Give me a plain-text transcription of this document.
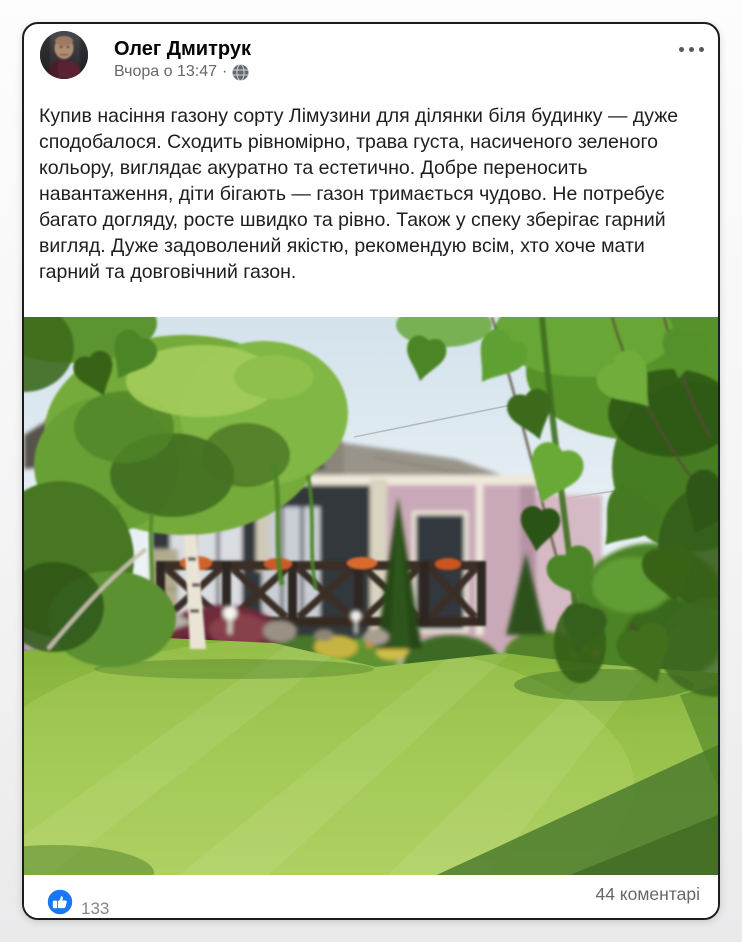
Олег Дмитрук
Вчора о 13:47 ·
Купив насіння газону сорту Лімузини для ділянки біля будинку — дуже сподобалося. Сходить рівномірно, трава густа, насиченого зеленого кольору, виглядає акуратно та естетично. Добре переносить навантаження, діти бігають — газон тримається чудово. Не потребує багато догляду, росте швидко та рівно. Також у спеку зберігає гарний вигляд. Дуже задоволений якістю, рекомендую всім, хто хоче мати гарний та довговічний газон.
133
44 коментарі
